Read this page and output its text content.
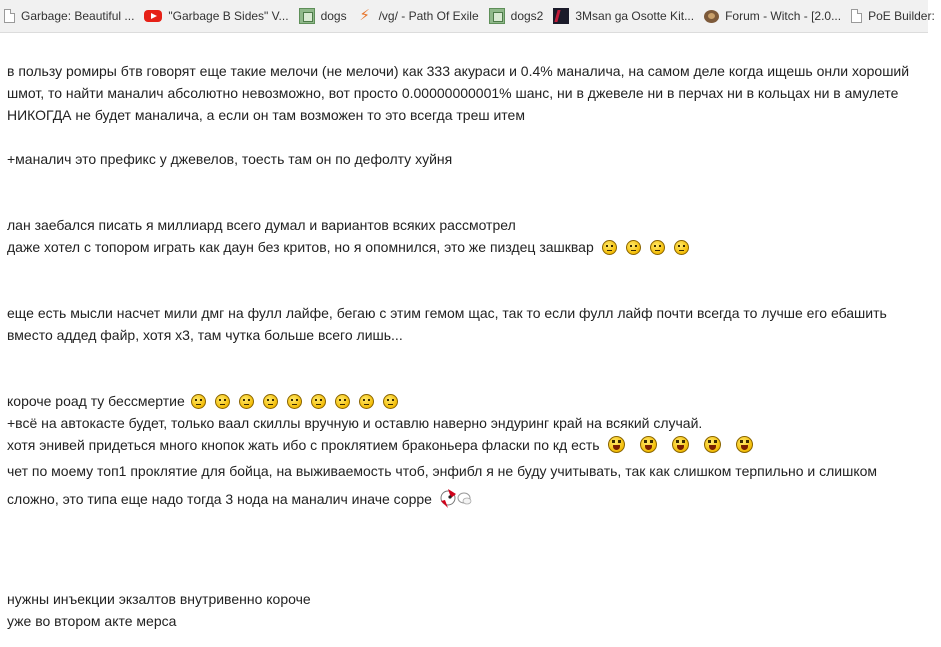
Garbage: Beautiful ...	"Garbage B Sides" V...	dogs ⚡ /vg/ - Path Of Exile	dogs2	3Msan ga Osotte Kit...	Forum - Witch - [2.0... PoE Builder:

в пользу ромиры бтв говорят еще такие мелочи (не мелочи) как 333 акураси и 0.4% маналича, на самом деле когда ищешь онли хороший

шмот, то найти маналич абсолютно невозможно, вот просто 0.00000000001% шанс, ни в джевеле ни в перчах ни в кольцах ни в амулете

НИКОГДА не будет маналича, а если он там возможен то это всегда треш итем

+маналич это префикс у джевелов, тоесть там он по дефолту хуйня

лан заебался писать я миллиард всего думал и вариантов всяких рассмотрел

даже хотел с топором играть как даун без критов, но я опомнился, это же пиздец зашквар

еще есть мысли насчет мили дмг на фулл лайфе, бегаю с этим гемом щас, так то если фулл лайф почти всегда то лучше его ебашить

вместо аддед файр, хотя х3, там чутка больше всего лишь...

короче роад ту бессмертие

+всё на автокасте будет, только ваал скиллы вручную и оставлю наверно эндуринг край на всякий случай.

хотя энивей придеться много кнопок жать ибо с проклятием браконьера фласки по кд есть

чет по моему топ1 проклятие для бойца, на выживаемость чтоб, энфибл я не буду учитывать, так как слишком терпильно и слишком

сложно, это типа еще надо тогда 3 нода на маналич иначе сорре

нужны инъекции экзалтов внутривенно короче

уже во втором акте мерса
